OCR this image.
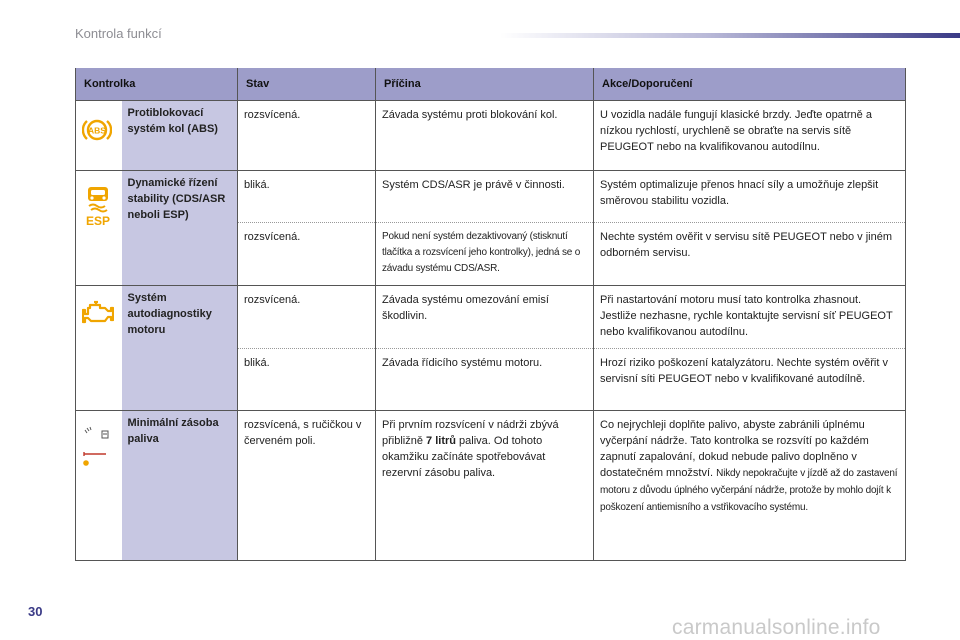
Kontrola funkcí
Kontrolka		Stav	Příčina	Akce/Doporučení

ABS	Protiblokovací systém kol (ABS)	rozsvícená.	Závada systému proti blokování kol.	U vozidla nadále fungují klasické brzdy. Jeďte opatrně a nízkou rychlostí, urychleně se obraťte na servis sítě PEUGEOT nebo na kvalifikovanou autodílnu.

ESP	Dynamické řízení stability (CDS/ASR neboli ESP)	bliká.	Systém CDS/ASR je právě v činnosti.	Systém optimalizuje přenos hnací síly a umožňuje zlepšit směrovou stabilitu vozidla.
		rozsvícená.	Pokud není systém dezaktivovaný (stisknutí tlačítka a rozsvícení jeho kontrolky), jedná se o závadu systému CDS/ASR.	Nechte systém ověřit v servisu sítě PEUGEOT nebo v jiném odborném servisu.

	Systém autodiagnostiky motoru	rozsvícená.	Závada systému omezování emisí škodlivin.	Při nastartování motoru musí tato kontrolka zhasnout. Jestliže nezhasne, rychle kontaktujte servisní síť PEUGEOT nebo kvalifikovanou autodílnu.
		bliká.	Závada řídicího systému motoru.	Hrozí riziko poškození katalyzátoru. Nechte systém ověřit v servisní síti PEUGEOT nebo v kvalifikované autodílně.

	Minimální zásoba paliva	rozsvícená, s ručičkou v červeném poli.	Při prvním rozsvícení v nádrži zbývá přibližně 7 litrů paliva. Od tohoto okamžiku začínáte spotřebovávat rezervní zásobu paliva.	Co nejrychleji doplňte palivo, abyste zabránili úplnému vyčerpání nádrže. Tato kontrolka se rozsvítí po každém zapnutí zapalování, dokud nebude palivo doplněno v dostatečném množství. Nikdy nepokračujte v jízdě až do zastavení motoru z důvodu úplného vyčerpání nádrže, protože by mohlo dojít k poškození antiemisního a vstřikovacího systému.
30
carmanualsonline.info
